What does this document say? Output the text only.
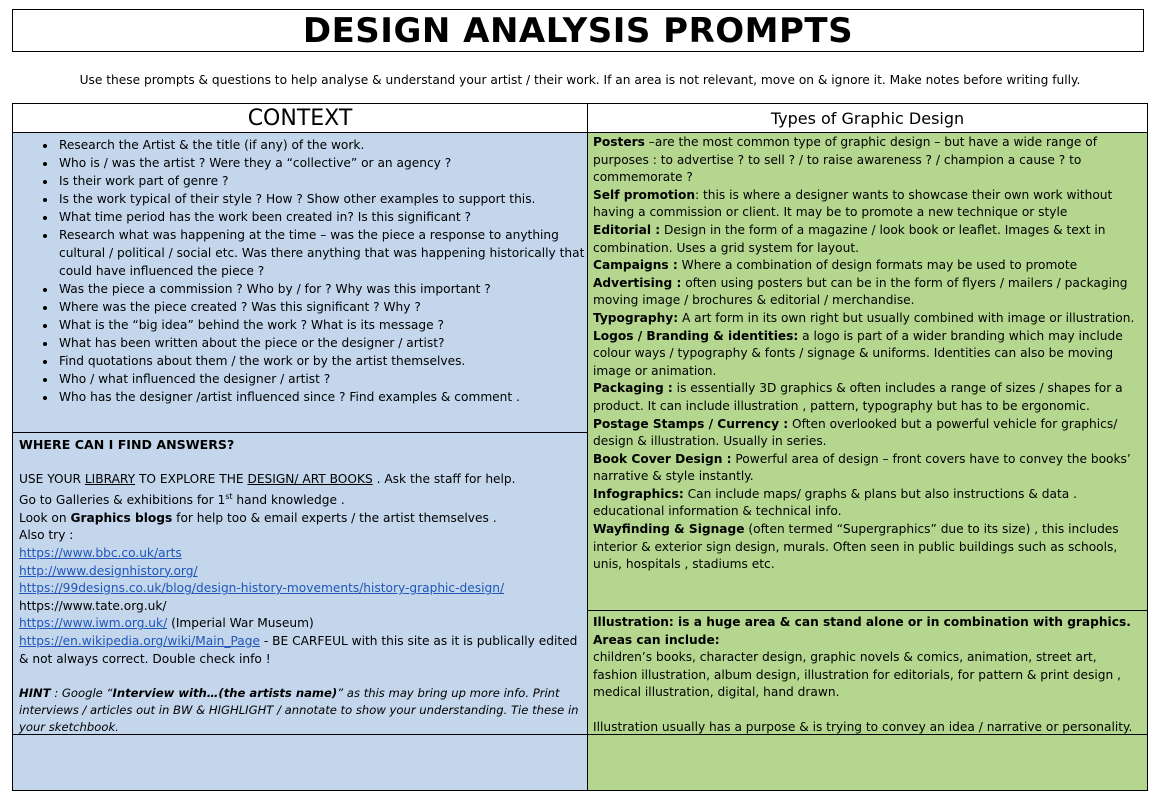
DESIGN ANALYSIS PROMPTS
Use these prompts & questions to help analyse & understand your artist / their work. If an area is not relevant, move on & ignore it. Make notes before writing fully.
CONTEXT	Types of Graphic Design
• Research the Artist & the title (if any) of the work.
• Who is / was the artist ? Were they a “collective” or an agency ?
• Is their work part of genre ?
• Is the work typical of their style ? How ? Show other examples to support this.
• What time period has the work been created in? Is this significant ?
• Research what was happening at the time – was the piece a response to anything cultural / political / social etc. Was there anything that was happening historically that could have influenced the piece ?
• Was the piece a commission ? Who by / for ? Why was this important ?
• Where was the piece created ? Was this significant ? Why ?
• What is the “big idea” behind the work ? What is its message ?
• What has been written about the piece or the designer / artist?
• Find quotations about them / the work or by the artist themselves.
• Who / what influenced the designer / artist ?
• Who has the designer /artist influenced since ? Find examples & comment .
WHERE CAN I FIND ANSWERS?
USE YOUR LIBRARY TO EXPLORE THE DESIGN/ ART BOOKS . Ask the staff for help.
Go to Galleries & exhibitions for 1st hand knowledge .
Look on Graphics blogs for help too & email experts / the artist themselves .
Also try :
https://www.bbc.co.uk/arts
http://www.designhistory.org/
https://99designs.co.uk/blog/design-history-movements/history-graphic-design/
https://www.tate.org.uk/
https://www.iwm.org.uk/ (Imperial War Museum)
https://en.wikipedia.org/wiki/Main_Page - BE CARFEUL with this site as it is publically edited & not always correct. Double check info !
HINT : Google “Interview with…(the artists name)” as this may bring up more info. Print interviews / articles out in BW & HIGHLIGHT / annotate to show your understanding. Tie these in your sketchbook.

Posters –are the most common type of graphic design – but have a wide range of purposes : to advertise ? to sell ? / to raise awareness ? / champion a cause ? to commemorate ?

Self promotion: this is where a designer wants to showcase their own work without having a commission or client. It may be to promote a new technique or style

Editorial : Design in the form of a magazine / look book or leaflet. Images & text in combination. Uses a grid system for layout.

Campaigns : Where a combination of design formats may be used to promote

Advertising : often using posters but can be in the form of flyers / mailers / packaging moving image / brochures & editorial / merchandise.

Typography: A art form in its own right but usually combined with image or illustration.

Logos / Branding & identities: a logo is part of a wider branding which may include colour ways / typography & fonts / signage & uniforms. Identities can also be moving image or animation.

Packaging : is essentially 3D graphics & often includes a range of sizes / shapes for a product. It can include illustration , pattern, typography but has to be ergonomic.

Postage Stamps / Currency : Often overlooked but a powerful vehicle for graphics/ design & illustration. Usually in series.

Book Cover Design : Powerful area of design – front covers have to convey the books’ narrative & style instantly.

Infographics: Can include maps/ graphs & plans but also instructions & data . educational information & technical info.

Wayfinding & Signage (often termed “Supergraphics” due to its size) , this includes interior & exterior sign design, murals. Often seen in public buildings such as schools, unis, hospitals , stadiums etc.

Illustration: is a huge area & can stand alone or in combination with graphics.

Areas can include:

children’s books, character design, graphic novels & comics, animation, street art, fashion illustration, album design, illustration for editorials, for pattern & print design , medical illustration, digital, hand drawn.

Illustration usually has a purpose & is trying to convey an idea / narrative or personality.
